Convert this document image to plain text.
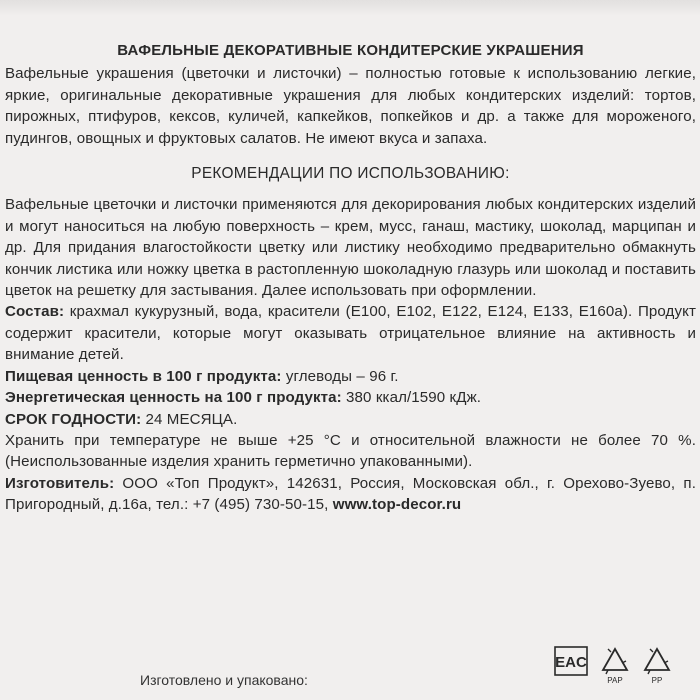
ВАФЕЛЬНЫЕ ДЕКОРАТИВНЫЕ КОНДИТЕРСКИЕ УКРАШЕНИЯ

Вафельные украшения (цветочки и листочки) – полностью готовые к использованию легкие, яркие, оригинальные декоративные украшения для любых кондитерских изделий: тортов, пирожных, птифуров, кексов, куличей, капкейков, попкейков и др. а также для мороженого, пудингов, овощных и фруктовых салатов. Не имеют вкуса и запаха.

РЕКОМЕНДАЦИИ ПО ИСПОЛЬЗОВАНИЮ:

Вафельные цветочки и листочки применяются для декорирования любых кондитерских изделий и могут наноситься на любую поверхность – крем, мусс, ганаш, мастику, шоколад, марципан и др. Для придания влагостойкости цветку или листику необходимо предварительно обмакнуть кончик листика или ножку цветка в растопленную шоколадную глазурь или шоколад и поставить цветок на решетку для застывания. Далее использовать при оформлении.

Состав: крахмал кукурузный, вода, красители (Е100, Е102, Е122, Е124, Е133, Е160а). Продукт содержит красители, которые могут оказывать отрицательное влияние на активность и внимание детей.

Пищевая ценность в 100 г продукта: углеводы – 96 г.

Энергетическая ценность на 100 г продукта: 380 ккал/1590 кДж.

СРОК ГОДНОСТИ: 24 МЕСЯЦА.

Хранить при температуре не выше +25 °С и относительной влажности не более 70 %. (Неиспользованные изделия хранить герметично упакованными).

Изготовитель: ООО «Топ Продукт», 142631, Россия, Московская обл., г. Орехово-Зуево, п. Пригородный, д.16а, тел.: +7 (495) 730-50-15, www.top-decor.ru

Изготовлено и упаковано:
EAC
PAP	PP
